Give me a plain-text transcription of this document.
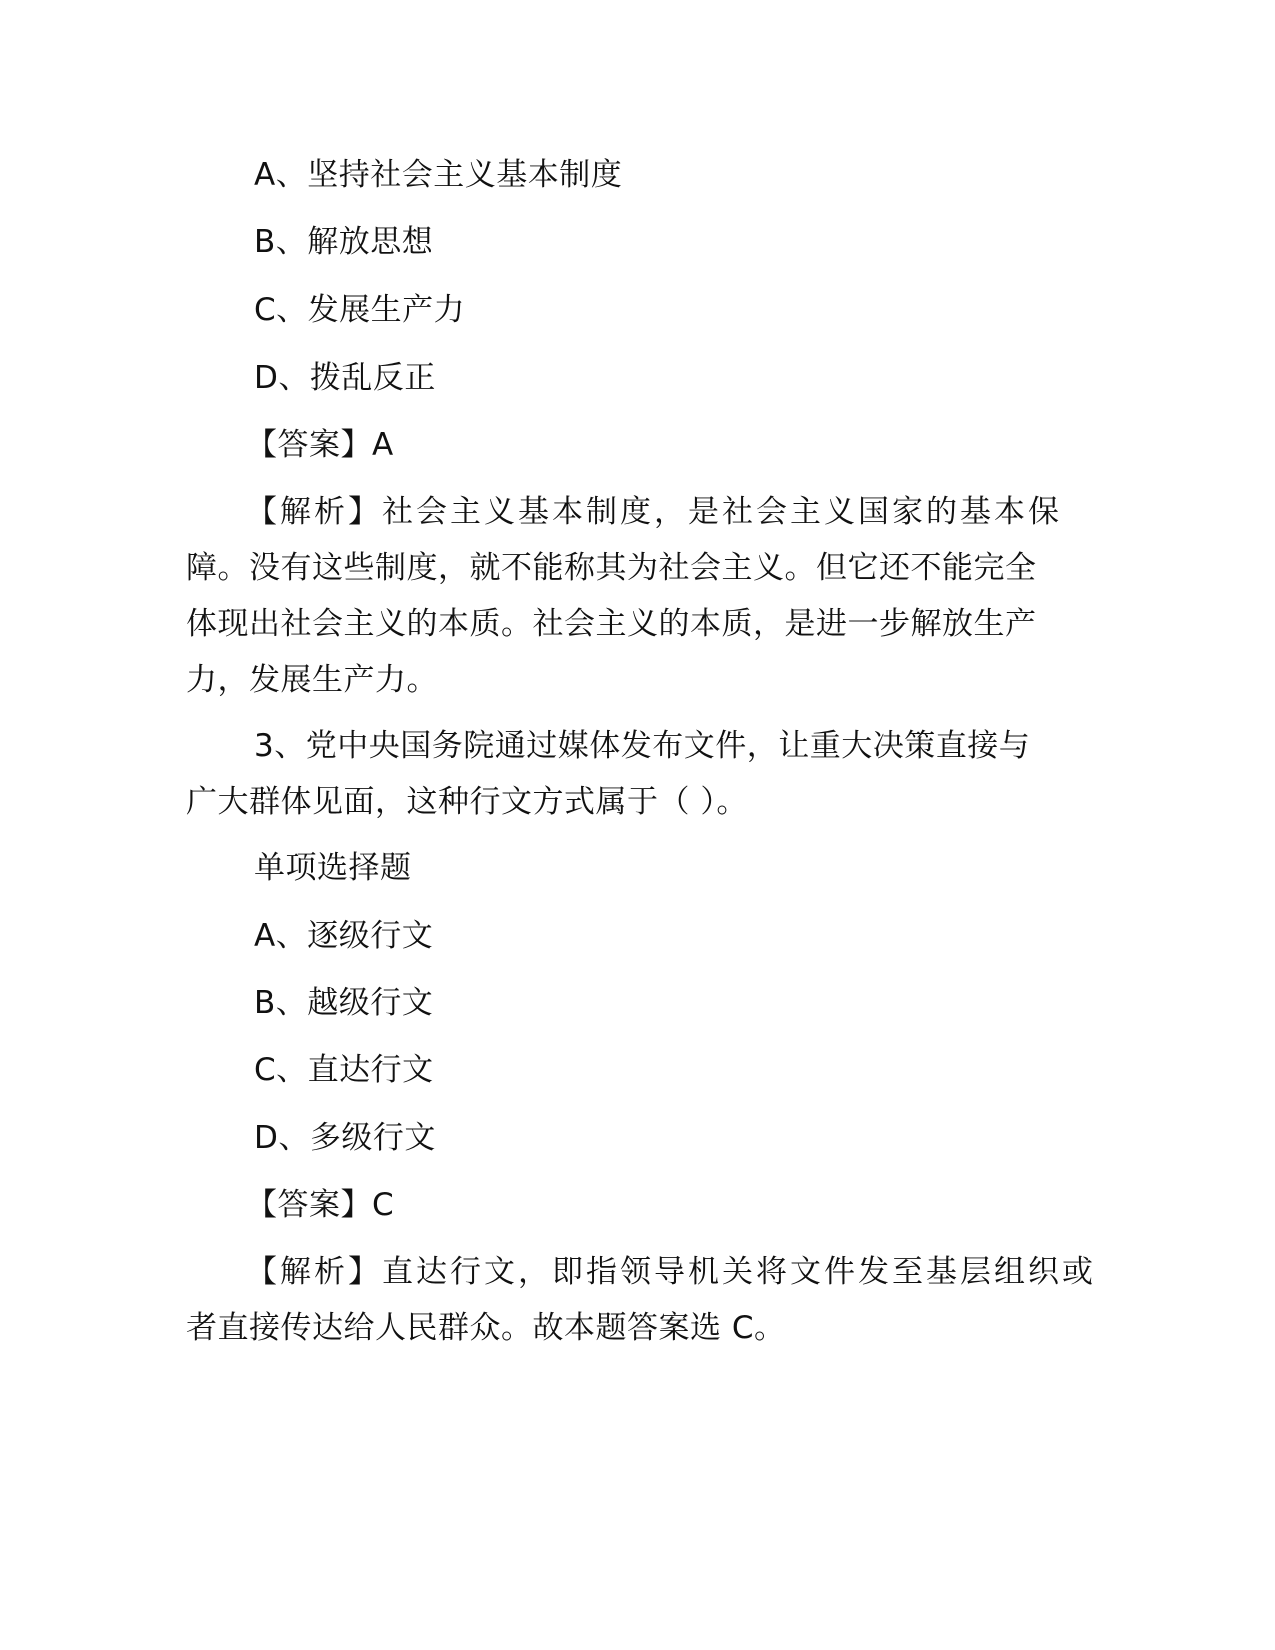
A、坚持社会主义基本制度
B、解放思想
C、发展生产力
D、拨乱反正
【答案】A
【解析】社会主义基本制度，是社会主义国家的基本保
障。没有这些制度，就不能称其为社会主义。但它还不能完全
体现出社会主义的本质。社会主义的本质，是进一步解放生产
力，发展生产力。
3、党中央国务院通过媒体发布文件，让重大决策直接与
广大群体见面，这种行文方式属于（ ）。
单项选择题
A、逐级行文
B、越级行文
C、直达行文
D、多级行文
【答案】C
【解析】直达行文，即指领导机关将文件发至基层组织或
者直接传达给人民群众。故本题答案选 C。
